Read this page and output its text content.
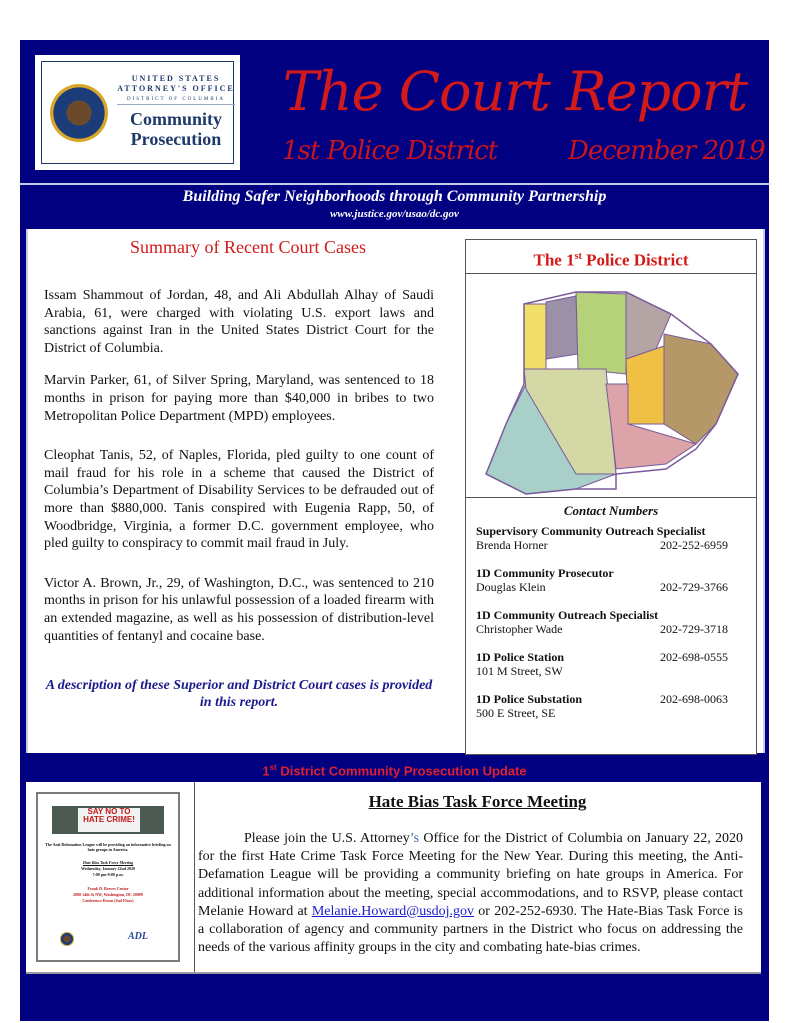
UNITED STATES
ATTORNEY'S OFFICE
DISTRICT OF COLUMBIA
Community
Prosecution
The Court Report
1st Police District	December 2019
Building Safer Neighborhoods through Community Partnership
www.justice.gov/usao/dc.gov
Summary of Recent Court Cases

Issam Shammout of Jordan, 48, and Ali Abdullah Alhay of Saudi Arabia, 61, were charged with violating U.S. export laws and sanctions against Iran in the United States District Court for the District of Columbia.

Marvin Parker, 61, of Silver Spring, Maryland, was sentenced to 18 months in prison for paying more than $40,000 in bribes to two Metropolitan Police Department (MPD) employees.

Cleophat Tanis, 52, of Naples, Florida, pled guilty to one count of mail fraud for his role in a scheme that caused the District of Columbia’s Department of Disability Services to be defrauded out of more than $880,000. Tanis conspired with Eugenia Rapp, 50, of Woodbridge, Virginia, a former D.C. government employee, who pled guilty to conspiracy to commit mail fraud in July.

Victor A. Brown, Jr., 29, of Washington, D.C., was sentenced to 210 months in prison for his unlawful possession of a loaded firearm with an extended magazine, as well as his possession of distribution-level quantities of fentanyl and cocaine base.

A description of these Superior and District Court cases is provided in this report.
The 1st Police District
Contact Numbers
Supervisory Community Outreach Specialist
Brenda Horner	202-252-6959
1D Community Prosecutor
Douglas Klein	202-729-3766
1D Community Outreach Specialist
Christopher Wade	202-729-3718
1D Police Station	202-698-0555
101 M Street, SW
1D Police Substation	202-698-0063
500 E Street, SE
1st District Community Prosecution Update
SAY NO TO HATE CRIME!
The Anti-Defamation League will be providing an informative briefing on hate groups in America.
Hate Bias Task Force Meeting
Wednesday, January 22nd 2020
7:00 pm-9:00 p.m.
Frank D. Reeves Center
2000 14th St NW, Washington, DC 20009
Conference Room (2nd Floor)
ADL
Hate Bias Task Force Meeting

Please join the U.S. Attorney’s Office for the District of Columbia on January 22, 2020 for the first Hate Crime Task Force Meeting for the New Year. During this meeting, the Anti-Defamation League will be providing a community briefing on hate groups in America. For additional information about the meeting, special accommodations, and to RSVP, please contact Melanie Howard at Melanie.Howard@usdoj.gov or 202-252-6930. The Hate-Bias Task Force is a collaboration of agency and community partners in the District who focus on addressing the needs of the various affinity groups in the city and combating hate-bias crimes.
